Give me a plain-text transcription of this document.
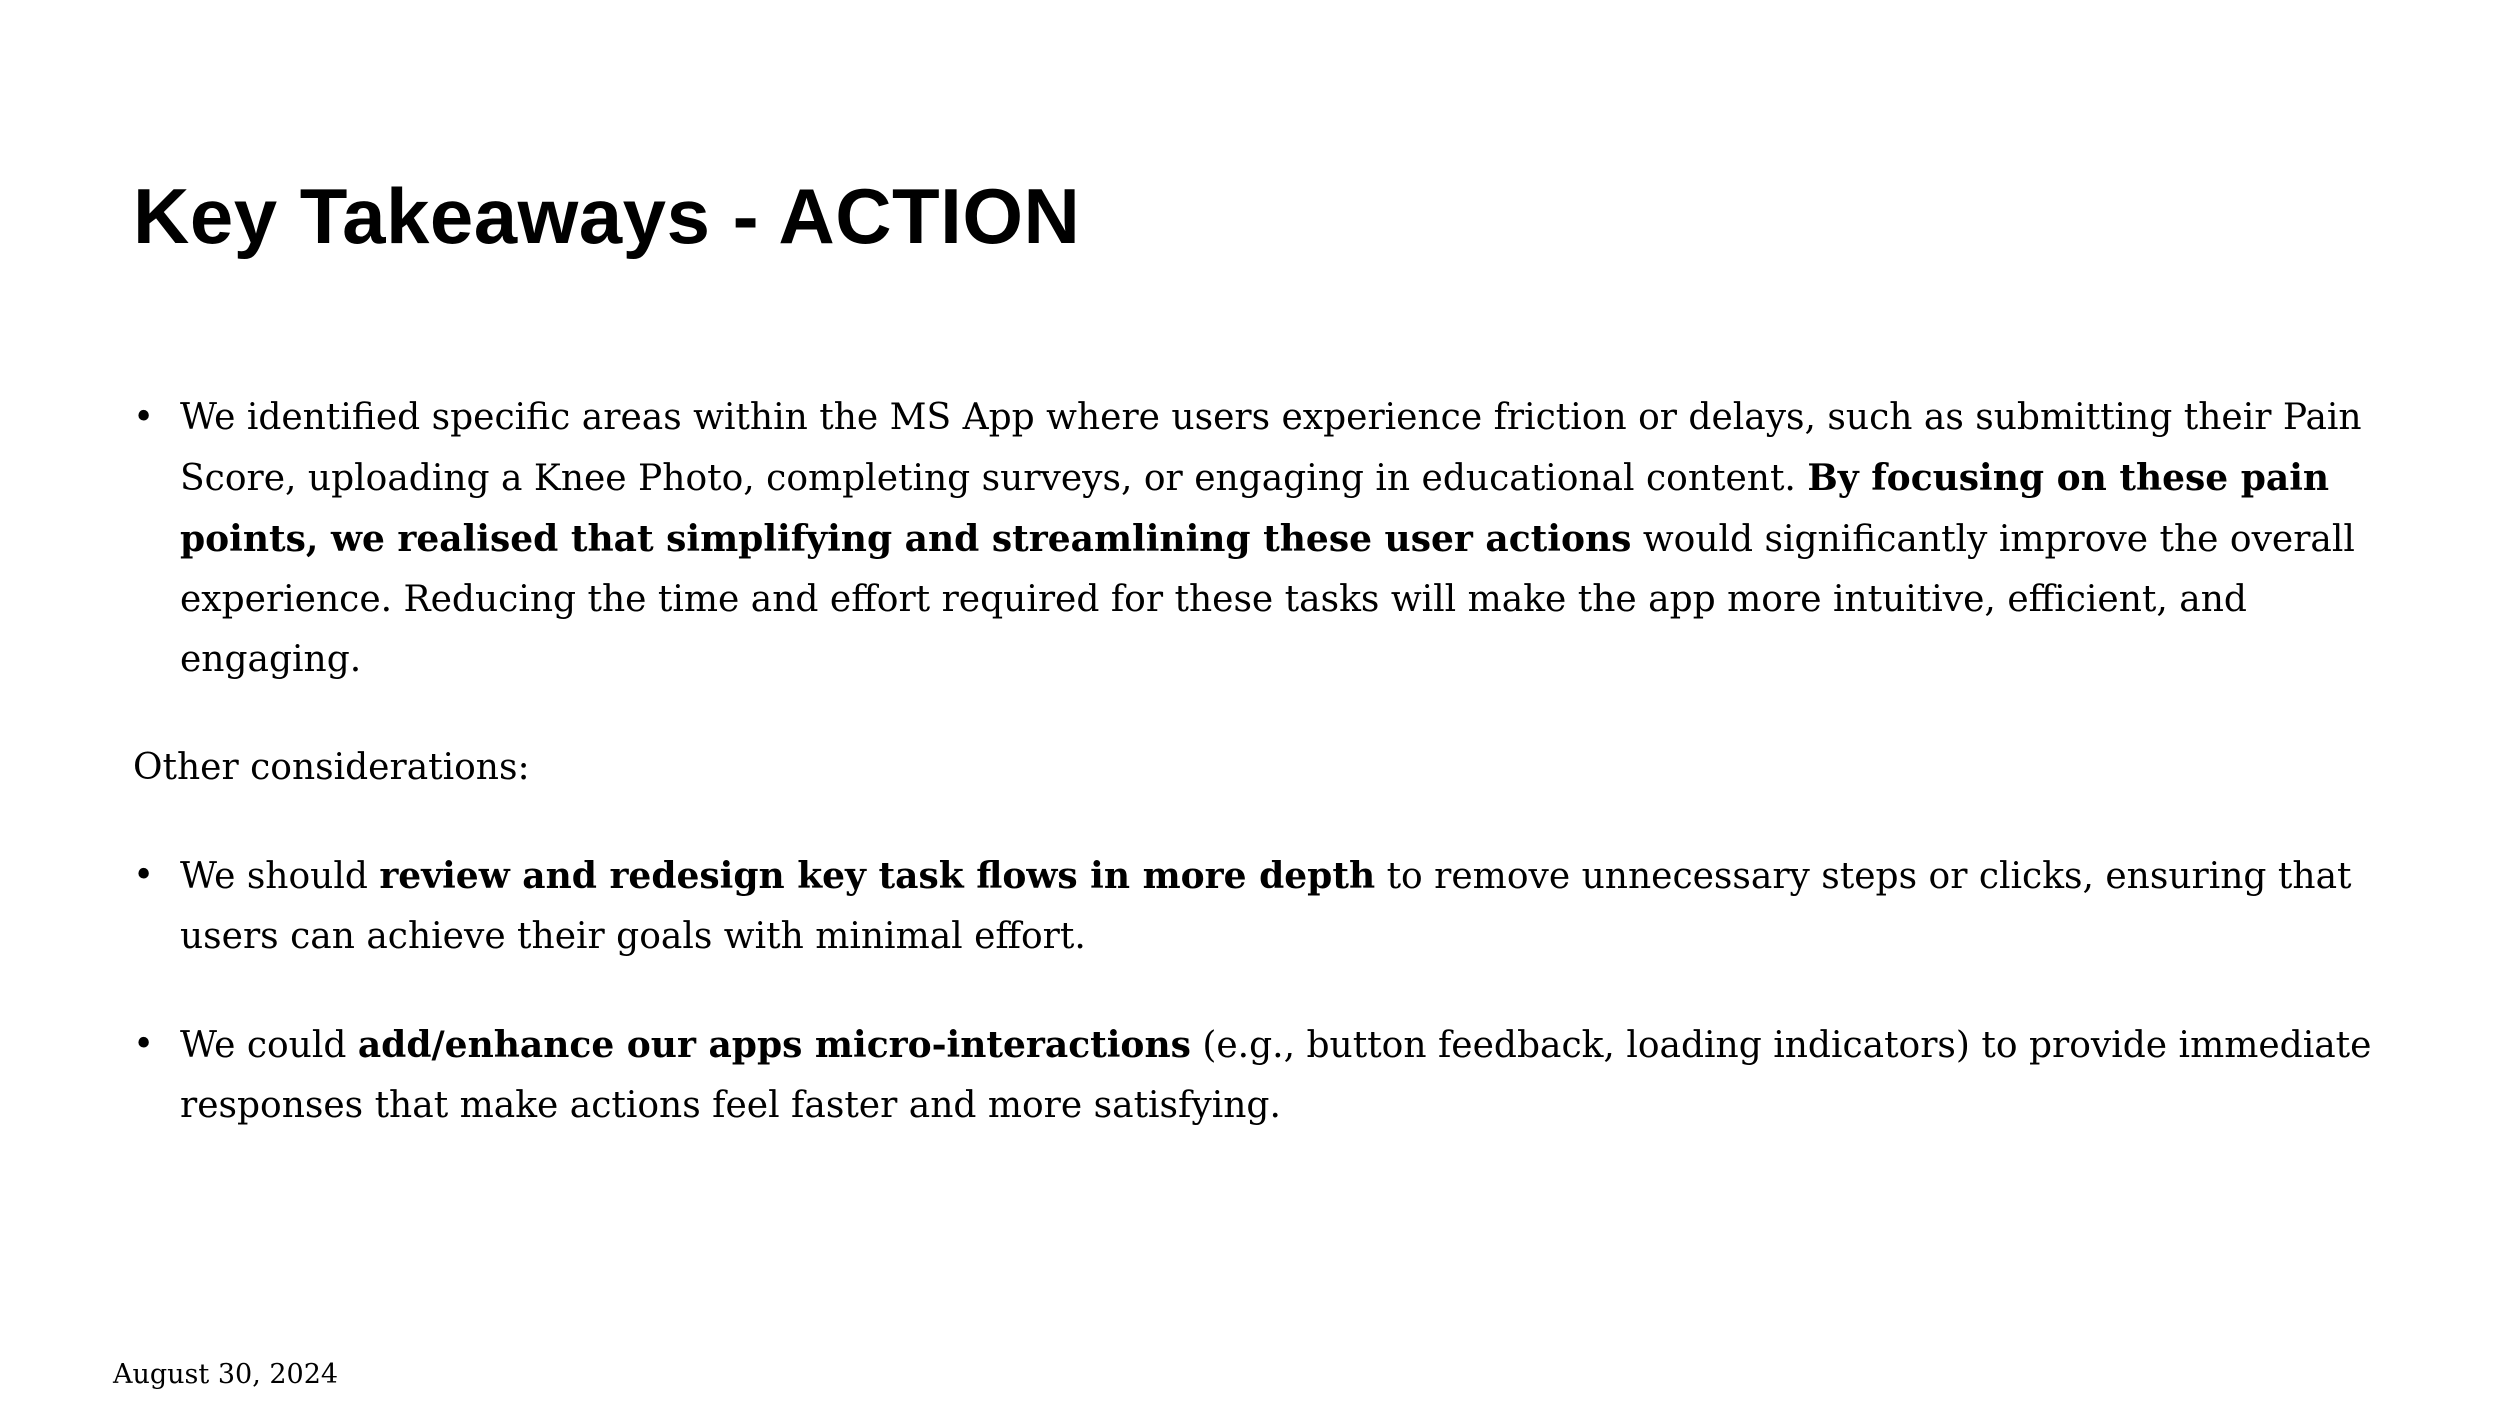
Key Takeaways - ACTION

• We identified specific areas within the MS App where users experience friction or delays, such as submitting their Pain Score, uploading a Knee Photo, completing surveys, or engaging in educational content. By focusing on these pain points, we realised that simplifying and streamlining these user actions would significantly improve the overall experience. Reducing the time and effort required for these tasks will make the app more intuitive, efficient, and engaging.

Other considerations:

• We should review and redesign key task flows in more depth to remove unnecessary steps or clicks, ensuring that users can achieve their goals with minimal effort.

• We could add/enhance our apps micro-interactions (e.g., button feedback, loading indicators) to provide immediate responses that make actions feel faster and more satisfying.

August 30, 2024
